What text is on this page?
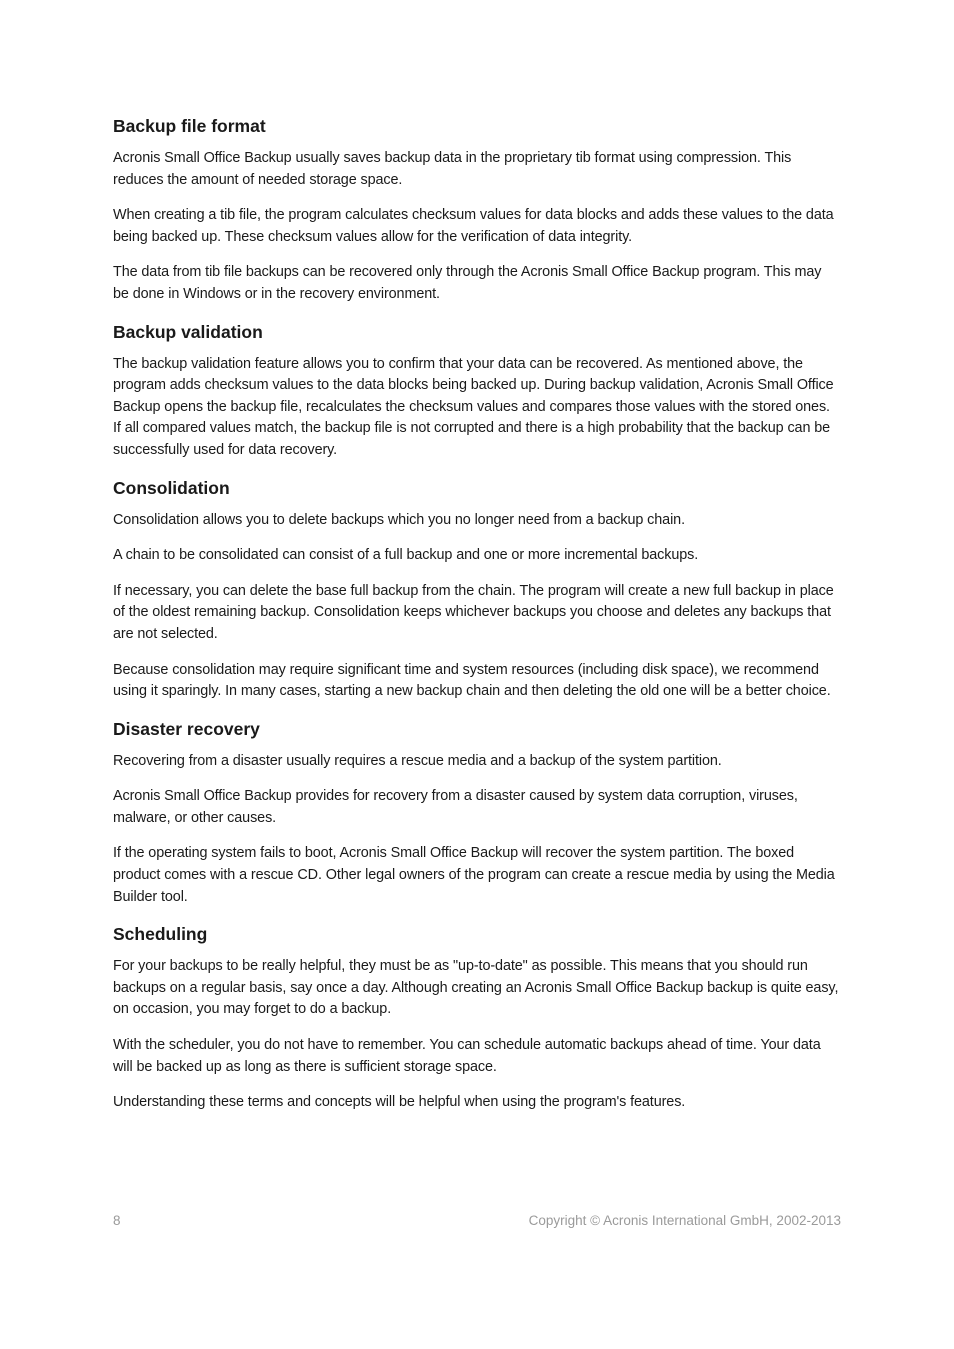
Backup file format

Acronis Small Office Backup usually saves backup data in the proprietary tib format using compression. This reduces the amount of needed storage space.

When creating a tib file, the program calculates checksum values for data blocks and adds these values to the data being backed up. These checksum values allow for the verification of data integrity.

The data from tib file backups can be recovered only through the Acronis Small Office Backup program. This may be done in Windows or in the recovery environment.

Backup validation

The backup validation feature allows you to confirm that your data can be recovered. As mentioned above, the program adds checksum values to the data blocks being backed up. During backup validation, Acronis Small Office Backup opens the backup file, recalculates the checksum values and compares those values with the stored ones. If all compared values match, the backup file is not corrupted and there is a high probability that the backup can be successfully used for data recovery.

Consolidation

Consolidation allows you to delete backups which you no longer need from a backup chain.

A chain to be consolidated can consist of a full backup and one or more incremental backups.

If necessary, you can delete the base full backup from the chain. The program will create a new full backup in place of the oldest remaining backup. Consolidation keeps whichever backups you choose and deletes any backups that are not selected.

Because consolidation may require significant time and system resources (including disk space), we recommend using it sparingly. In many cases, starting a new backup chain and then deleting the old one will be a better choice.

Disaster recovery

Recovering from a disaster usually requires a rescue media and a backup of the system partition.

Acronis Small Office Backup provides for recovery from a disaster caused by system data corruption, viruses, malware, or other causes.

If the operating system fails to boot, Acronis Small Office Backup will recover the system partition. The boxed product comes with a rescue CD. Other legal owners of the program can create a rescue media by using the Media Builder tool.

Scheduling

For your backups to be really helpful, they must be as "up-to-date" as possible. This means that you should run backups on a regular basis, say once a day. Although creating an Acronis Small Office Backup backup is quite easy, on occasion, you may forget to do a backup.

With the scheduler, you do not have to remember. You can schedule automatic backups ahead of time. Your data will be backed up as long as there is sufficient storage space.

Understanding these terms and concepts will be helpful when using the program's features.

8	Copyright © Acronis International GmbH, 2002-2013
